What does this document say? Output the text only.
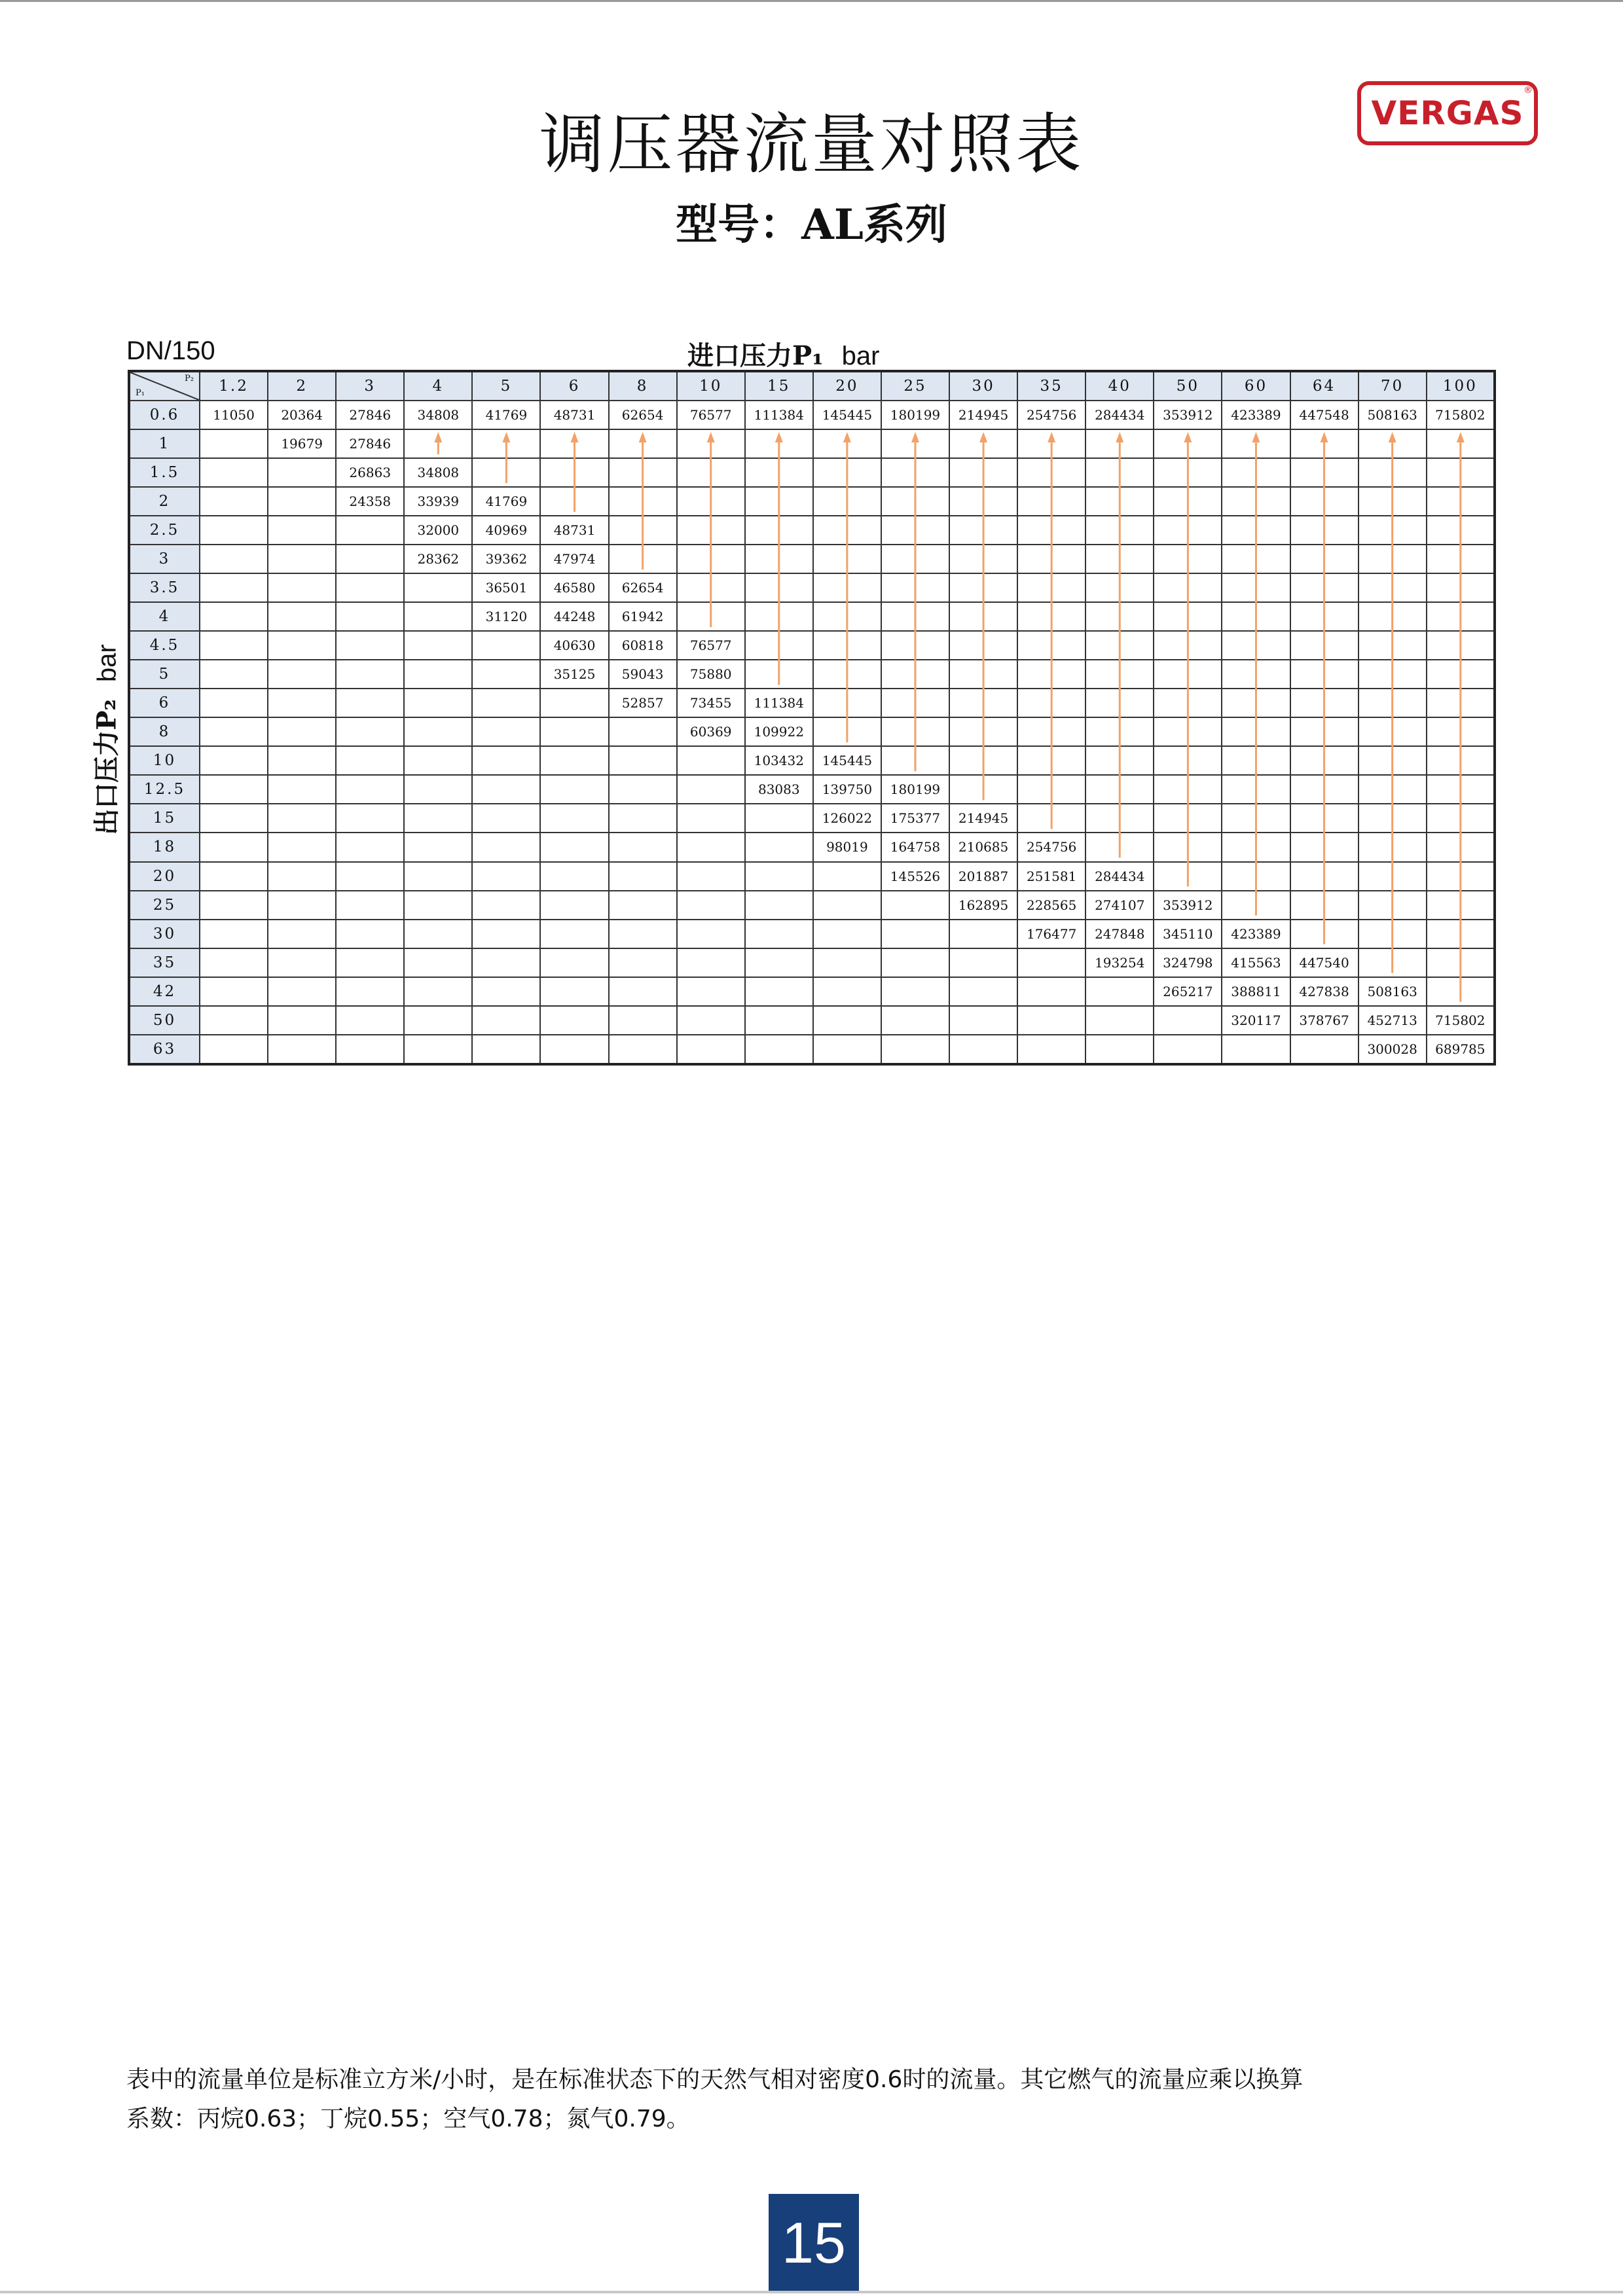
调压器流量对照表
型号：AL系列
VERGAS
®
DN/150	进口压力P₁ bar
出口压力P₂bar
P₁
P₂	1.2	2	3	4	5	6	8	10	15	20	25	30	35	40	50	60	64	70	100
0.6	11050	20364	27846	34808	41769	48731	62654	76577	111384	145445	180199	214945	254756	284434	353912	423389	447548	508163	715802
1		19679	27846																
1.5			26863	34808															
2			24358	33939	41769														
2.5				32000	40969	48731													
3				28362	39362	47974													
3.5					36501	46580	62654												
4					31120	44248	61942												
4.5						40630	60818	76577											
5						35125	59043	75880											
6							52857	73455	111384										
8								60369	109922										
10									103432	145445									
12.5									83083	139750	180199								
15										126022	175377	214945							
18										98019	164758	210685	254756						
20											145526	201887	251581	284434					
25												162895	228565	274107	353912				
30													176477	247848	345110	423389			
35														193254	324798	415563	447540		
42															265217	388811	427838	508163	
50																320117	378767	452713	715802
63																		300028	689785
表中的流量单位是标准立方米/小时，是在标准状态下的天然气相对密度0.6时的流量。其它燃气的流量应乘以换算
系数：丙烷0.63；丁烷0.55；空气0.78；氮气0.79。
15
